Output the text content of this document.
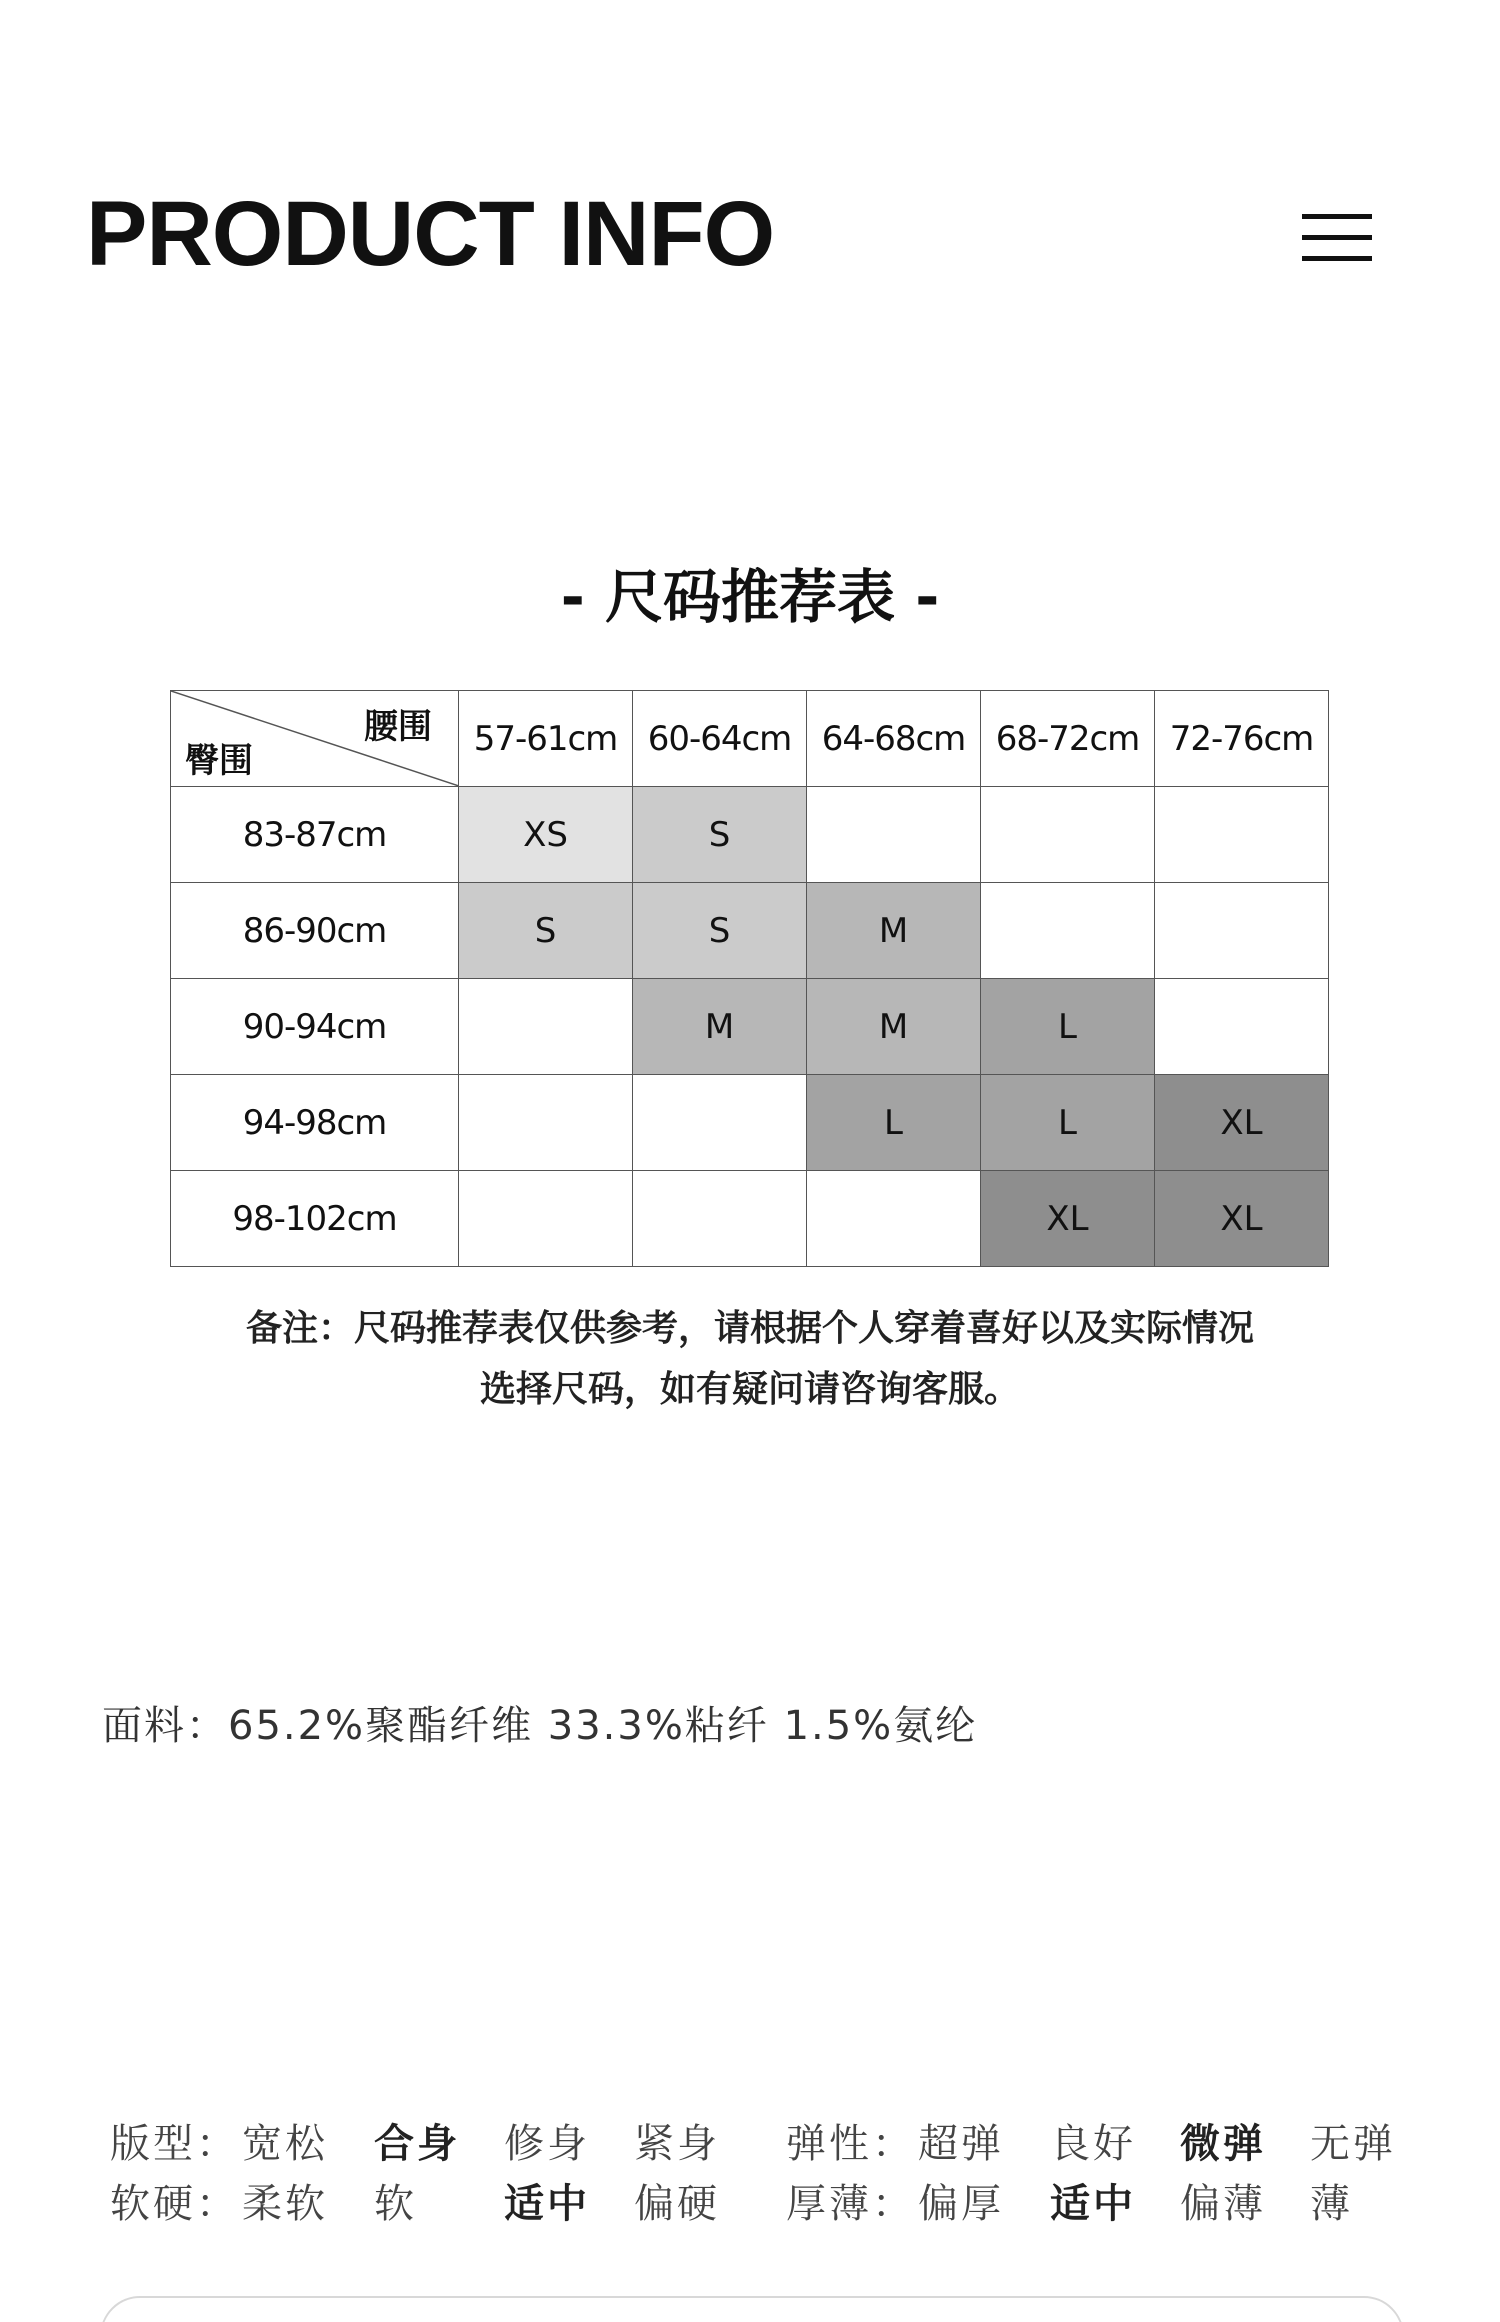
PRODUCT INFO
- 尺码推荐表 -
腰围
臀围	57-61cm	60-64cm	64-68cm	68-72cm	72-76cm
83-87cm	XS	S			
86-90cm	S	S	M		
90-94cm		M	M	L	
94-98cm			L	L	XL
98-102cm				XL	XL
备注：尺码推荐表仅供参考，请根据个人穿着喜好以及实际情况
选择尺码，如有疑问请咨询客服。
面料：65.2%聚酯纤维 33.3%粘纤 1.5%氨纶
版型： 宽松 合身 修身 紧身 弹性： 超弹 良好 微弹 无弹
软硬： 柔软 软 适中 偏硬 厚薄： 偏厚 适中 偏薄 薄
